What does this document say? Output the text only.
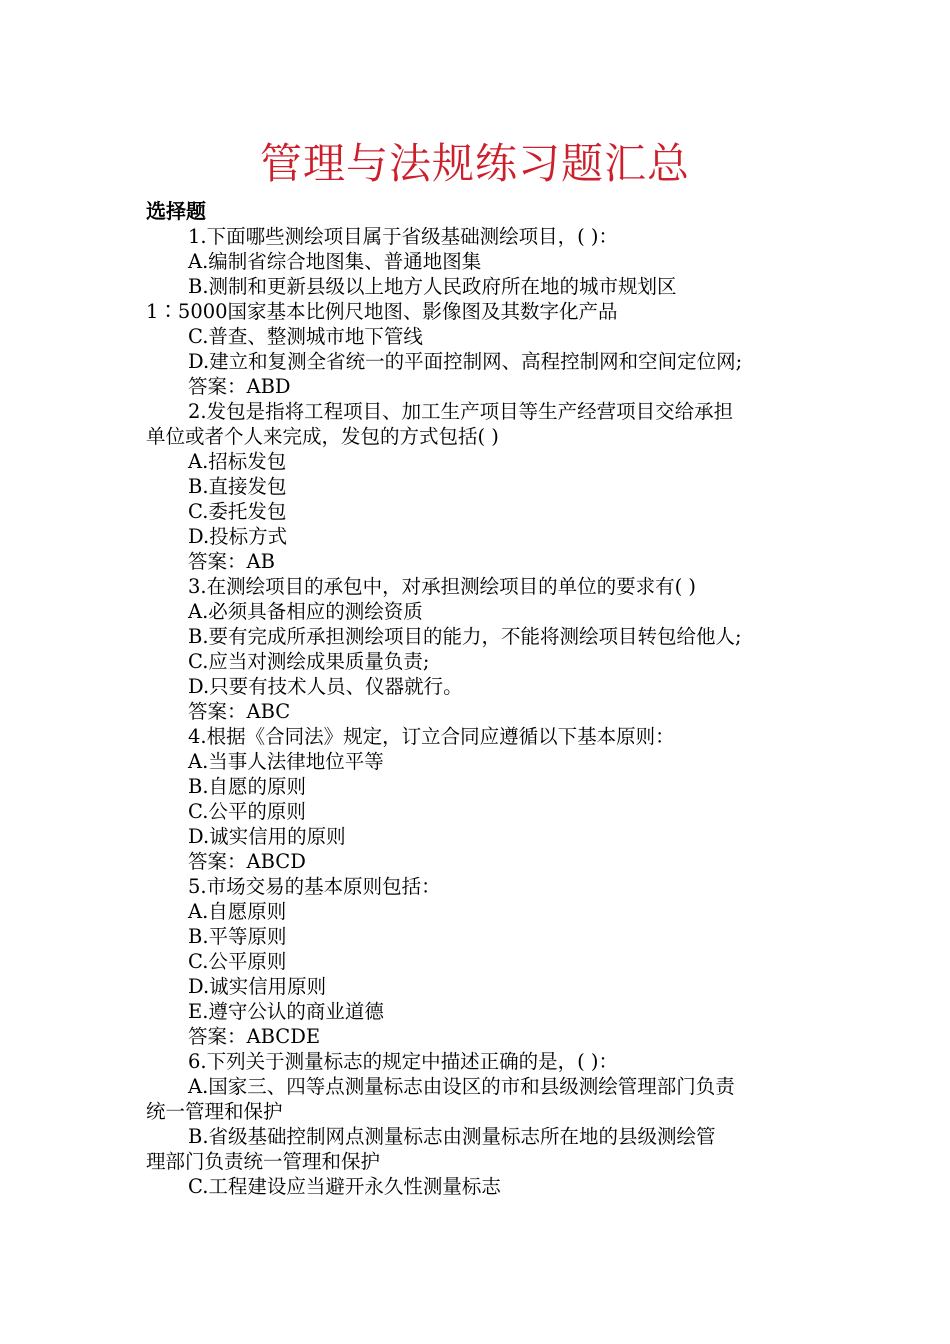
管理与法规练习题汇总
选择题
1.下面哪些测绘项目属于省级基础测绘项目，( )：
A.编制省综合地图集、普通地图集
B.测制和更新县级以上地方人民政府所在地的城市规划区
1∶5000国家基本比例尺地图、影像图及其数字化产品
C.普查、整测城市地下管线
D.建立和复测全省统一的平面控制网、高程控制网和空间定位网;
答案：ABD
2.发包是指将工程项目、加工生产项目等生产经营项目交给承担
单位或者个人来完成，发包的方式包括( )
A.招标发包
B.直接发包
C.委托发包
D.投标方式
答案：AB
3.在测绘项目的承包中，对承担测绘项目的单位的要求有( )
A.必须具备相应的测绘资质
B.要有完成所承担测绘项目的能力，不能将测绘项目转包给他人;
C.应当对测绘成果质量负责;
D.只要有技术人员、仪器就行。
答案：ABC
4.根据《合同法》规定，订立合同应遵循以下基本原则：
A.当事人法律地位平等
B.自愿的原则
C.公平的原则
D.诚实信用的原则
答案：ABCD
5.市场交易的基本原则包括：
A.自愿原则
B.平等原则
C.公平原则
D.诚实信用原则
E.遵守公认的商业道德
答案：ABCDE
6.下列关于测量标志的规定中描述正确的是，( )：
A.国家三、四等点测量标志由设区的市和县级测绘管理部门负责
统一管理和保护
B.省级基础控制网点测量标志由测量标志所在地的县级测绘管
理部门负责统一管理和保护
C.工程建设应当避开永久性测量标志
